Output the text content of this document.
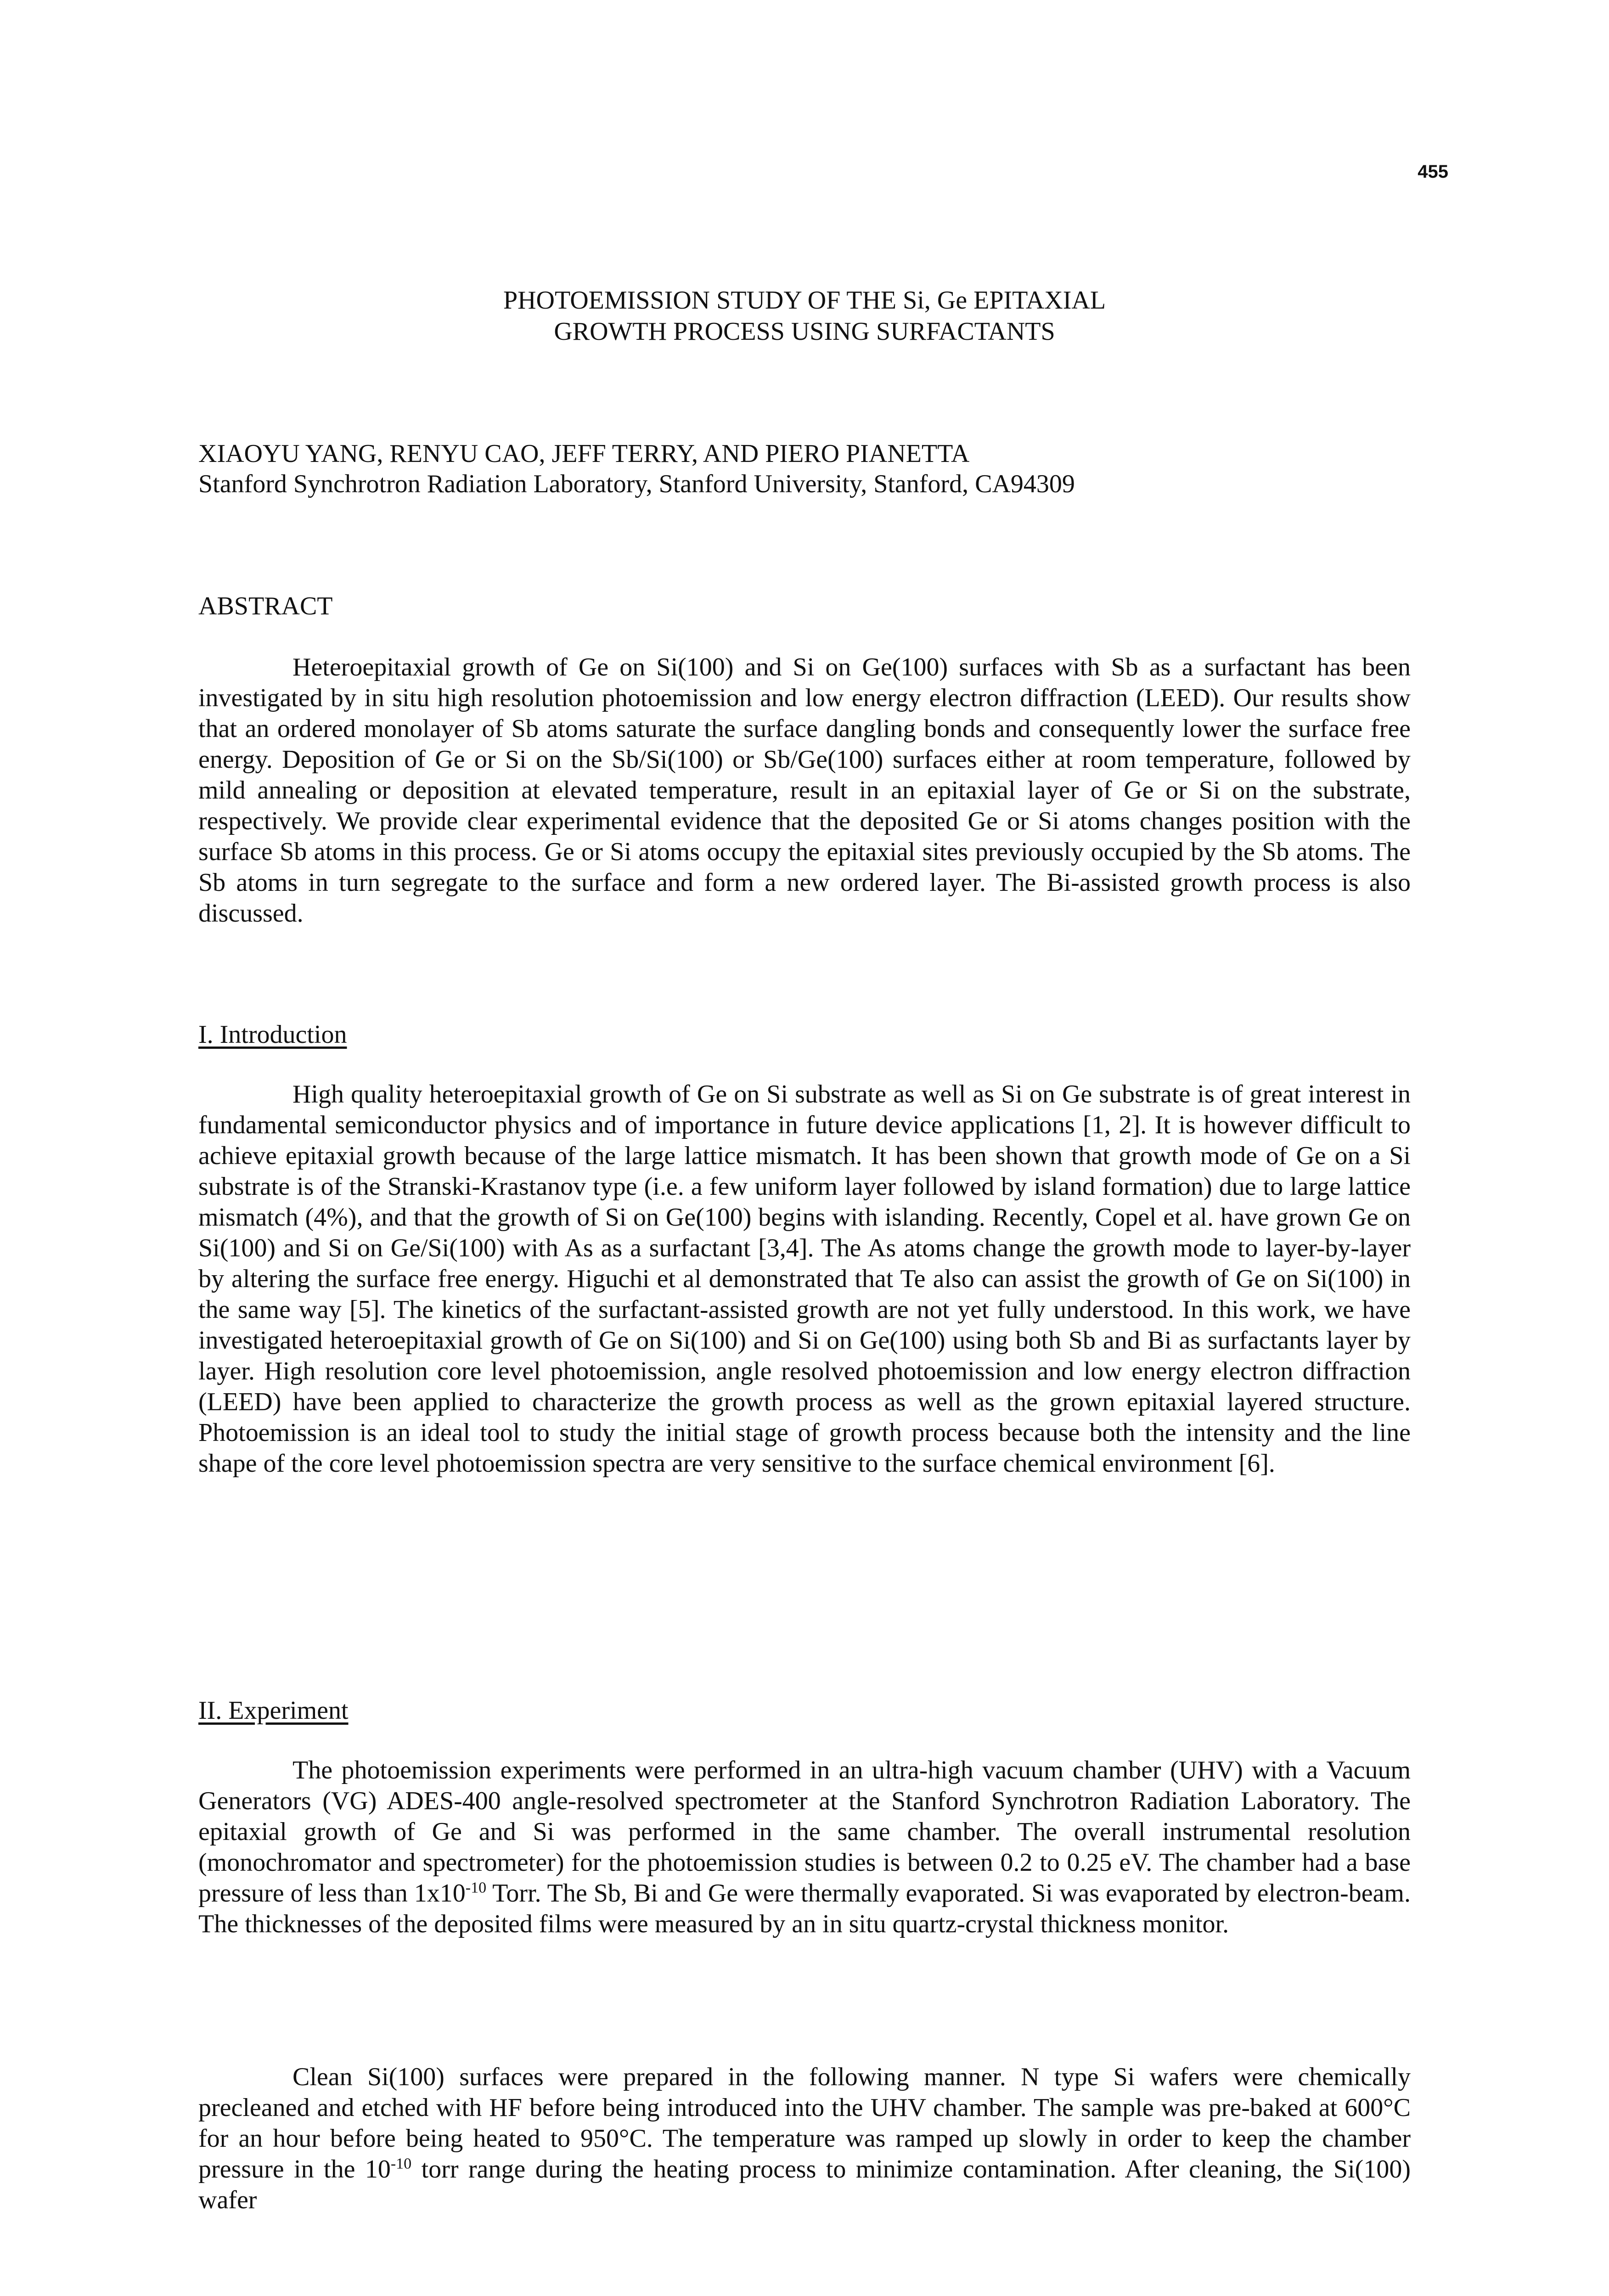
455
PHOTOEMISSION STUDY OF THE Si, Ge EPITAXIAL
GROWTH PROCESS USING SURFACTANTS
XIAOYU YANG, RENYU CAO, JEFF TERRY, AND PIERO PIANETTA
Stanford Synchrotron Radiation Laboratory, Stanford University, Stanford, CA94309
ABSTRACT

Heteroepitaxial growth of Ge on Si(100) and Si on Ge(100) surfaces with Sb as a surfactant has been investigated by in situ high resolution photoemission and low energy electron diffraction (LEED). Our results show that an ordered monolayer of Sb atoms saturate the surface dangling bonds and consequently lower the surface free energy. Deposition of Ge or Si on the Sb/Si(100) or Sb/Ge(100) surfaces either at room temperature, followed by mild annealing or deposition at elevated temperature, result in an epitaxial layer of Ge or Si on the substrate, respectively. We provide clear experimental evidence that the deposited Ge or Si atoms changes position with the surface Sb atoms in this process. Ge or Si atoms occupy the epitaxial sites previously occupied by the Sb atoms. The Sb atoms in turn segregate to the surface and form a new ordered layer. The Bi-assisted growth process is also discussed.

I. Introduction

High quality heteroepitaxial growth of Ge on Si substrate as well as Si on Ge substrate is of great interest in fundamental semiconductor physics and of importance in future device applications [1, 2]. It is however difficult to achieve epitaxial growth because of the large lattice mismatch. It has been shown that growth mode of Ge on a Si substrate is of the Stranski-Krastanov type (i.e. a few uniform layer followed by island formation) due to large lattice mismatch (4%), and that the growth of Si on Ge(100) begins with islanding. Recently, Copel et al. have grown Ge on Si(100) and Si on Ge/Si(100) with As as a surfactant [3,4]. The As atoms change the growth mode to layer-by-layer by altering the surface free energy. Higuchi et al demonstrated that Te also can assist the growth of Ge on Si(100) in the same way [5]. The kinetics of the surfactant-assisted growth are not yet fully understood. In this work, we have investigated heteroepitaxial growth of Ge on Si(100) and Si on Ge(100) using both Sb and Bi as surfactants layer by layer. High resolution core level photoemission, angle resolved photoemission and low energy electron diffraction (LEED) have been applied to characterize the growth process as well as the grown epitaxial layered structure. Photoemission is an ideal tool to study the initial stage of growth process because both the intensity and the line shape of the core level photoemission spectra are very sensitive to the surface chemical environment [6].

II. Experiment

The photoemission experiments were performed in an ultra-high vacuum chamber (UHV) with a Vacuum Generators (VG) ADES-400 angle-resolved spectrometer at the Stanford Synchrotron Radiation Laboratory. The epitaxial growth of Ge and Si was performed in the same chamber. The overall instrumental resolution (monochromator and spectrometer) for the photoemission studies is between 0.2 to 0.25 eV. The chamber had a base pressure of less than $1x10^{-10}$ Torr. The Sb, Bi and Ge were thermally evaporated. Si was evaporated by electron-beam. The thicknesses of the deposited films were measured by an in situ quartz-crystal thickness monitor.

Clean Si(100) surfaces were prepared in the following manner. N type Si wafers were chemically precleaned and etched with HF before being introduced into the UHV chamber. The sample was pre-baked at 600°C for an hour before being heated to 950°C. The temperature was ramped up slowly in order to keep the chamber pressure in the $10^{-10}$ torr range during the heating process to minimize contamination. After cleaning, the Si(100) wafer
